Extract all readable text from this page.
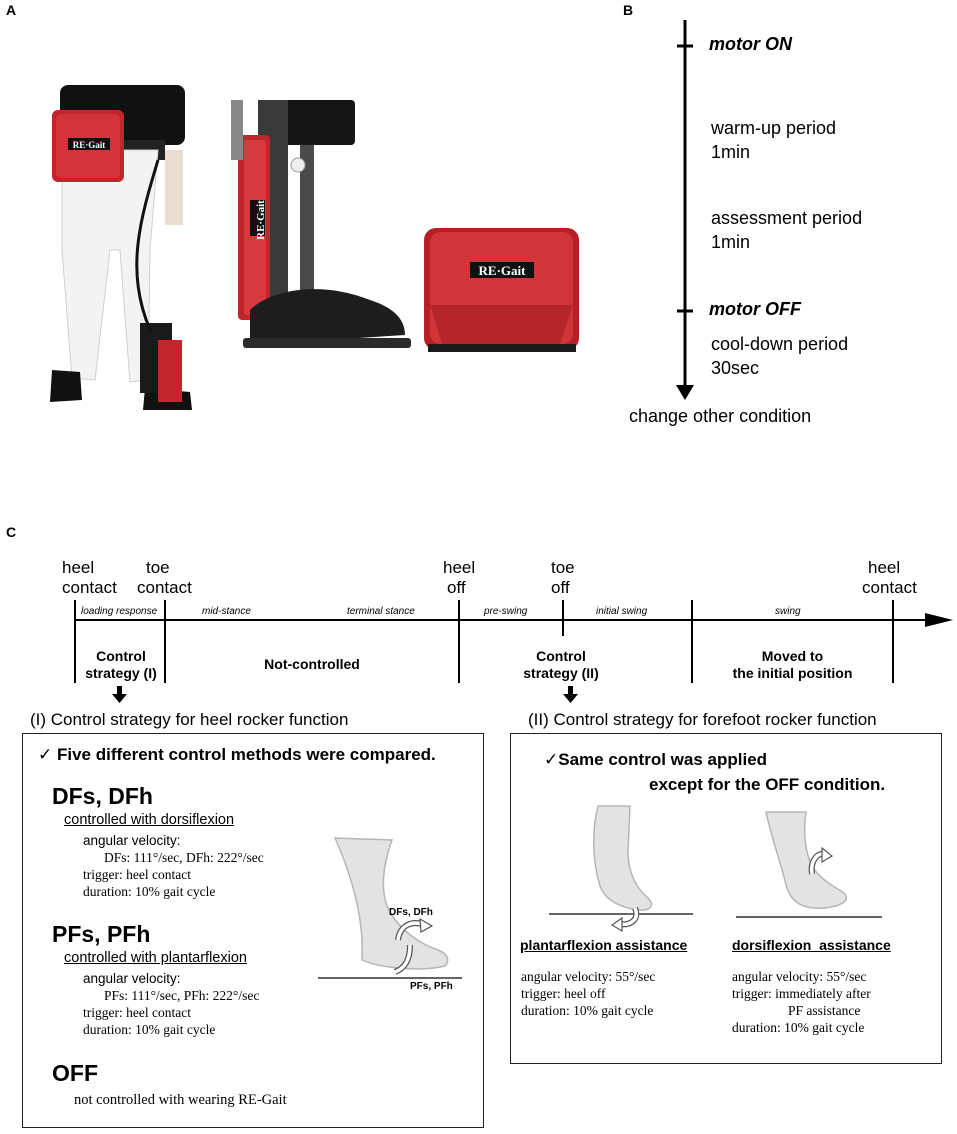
A	B
C
RE·Gait
RE·Gait
RE·Gait
motor ON
warm-up period
1min
assessment period
1min
motor OFF
cool-down period
30sec
change other condition
heel
contact
toe
contact
heel
off
toe
off
heel
contact
loading response	mid-stance	terminal stance	pre-swing	initial swing	swing
Control
strategy (I)
Not-controlled	Control
strategy (II)
Moved to
the initial position
(I) Control strategy for heel rocker function	(II) Control strategy for forefoot rocker function
✓ Five different control methods were compared.
DFs, DFh
controlled with dorsiflexion
angular velocity:
DFs: 111°/sec, DFh: 222°/sec
trigger: heel contact
duration: 10% gait cycle
PFs, PFh
controlled with plantarflexion
angular velocity:
PFs: 111°/sec, PFh: 222°/sec
trigger: heel contact
duration: 10% gait cycle
OFF
not controlled with wearing RE-Gait
DFs, DFh
PFs, PFh
✓Same control was applied
except for the OFF condition.
plantarflexion assistance
angular velocity: 55°/sec
trigger: heel off
duration: 10% gait cycle
dorsiflexion  assistance
angular velocity: 55°/sec
trigger: immediately after
PF assistance
duration: 10% gait cycle
